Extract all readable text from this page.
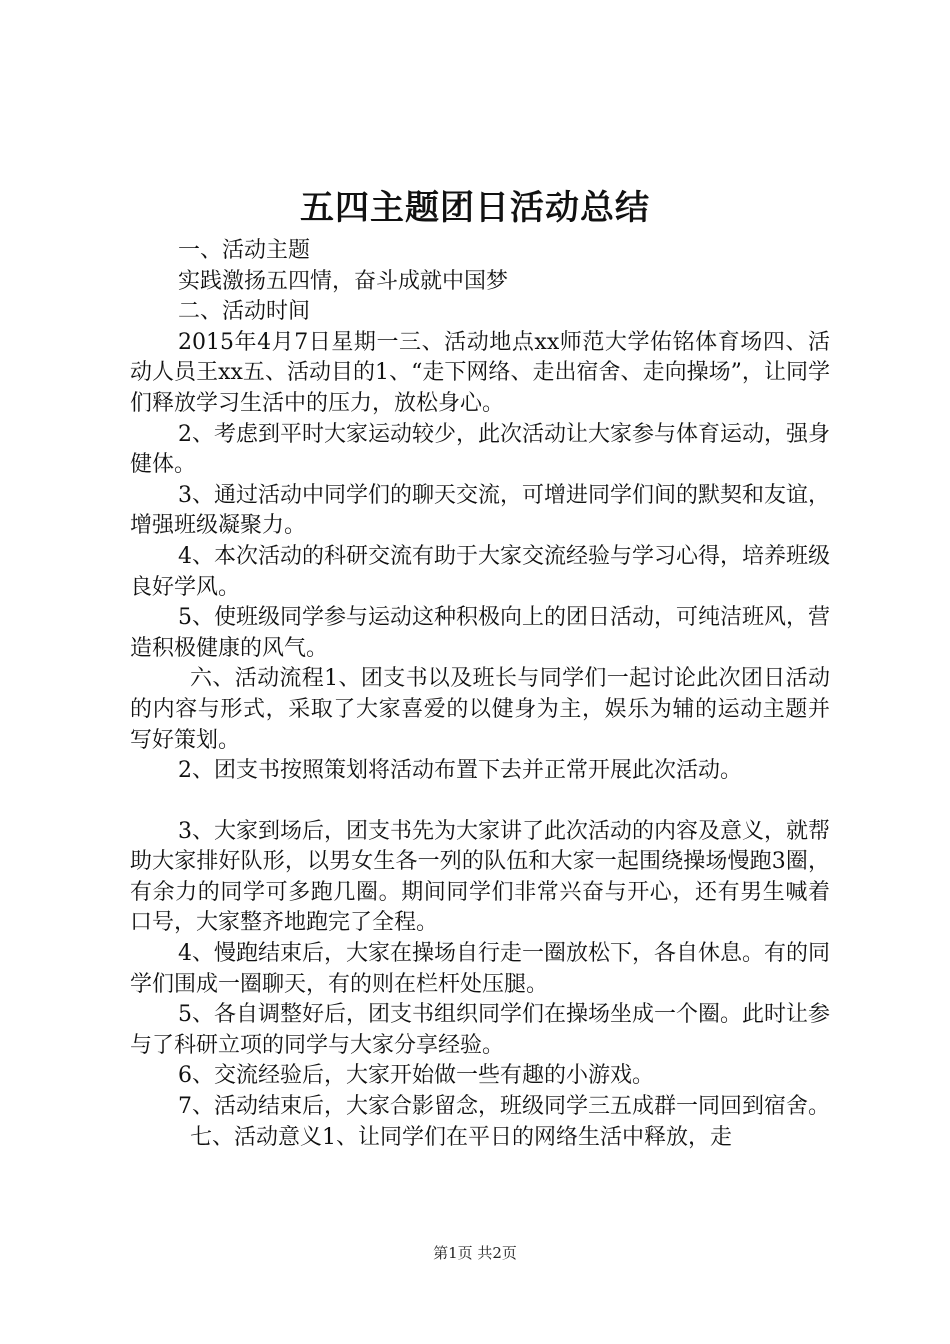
五四主题团日活动总结

一、活动主题

实践激扬五四情，奋斗成就中国梦

二、活动时间

2015年4月7日星期一三、活动地点xx师范大学佑铭体育场四、活动人员王xx五、活动目的1、“走下网络、走出宿舍、走向操场”，让同学们释放学习生活中的压力，放松身心。

2、考虑到平时大家运动较少，此次活动让大家参与体育运动，强身健体。

3、通过活动中同学们的聊天交流，可增进同学们间的默契和友谊，增强班级凝聚力。

4、本次活动的科研交流有助于大家交流经验与学习心得，培养班级良好学风。

5、使班级同学参与运动这种积极向上的团日活动，可纯洁班风，营造积极健康的风气。

六、活动流程1、团支书以及班长与同学们一起讨论此次团日活动的内容与形式，采取了大家喜爱的以健身为主，娱乐为辅的运动主题并写好策划。

2、团支书按照策划将活动布置下去并正常开展此次活动。

3、大家到场后，团支书先为大家讲了此次活动的内容及意义，就帮助大家排好队形，以男女生各一列的队伍和大家一起围绕操场慢跑3圈，有余力的同学可多跑几圈。期间同学们非常兴奋与开心，还有男生喊着口号，大家整齐地跑完了全程。

4、慢跑结束后，大家在操场自行走一圈放松下，各自休息。有的同学们围成一圈聊天，有的则在栏杆处压腿。

5、各自调整好后，团支书组织同学们在操场坐成一个圈。此时让参与了科研立项的同学与大家分享经验。

6、交流经验后，大家开始做一些有趣的小游戏。

7、活动结束后，大家合影留念，班级同学三五成群一同回到宿舍。

七、活动意义1、让同学们在平日的网络生活中释放，走

第1页 共2页
